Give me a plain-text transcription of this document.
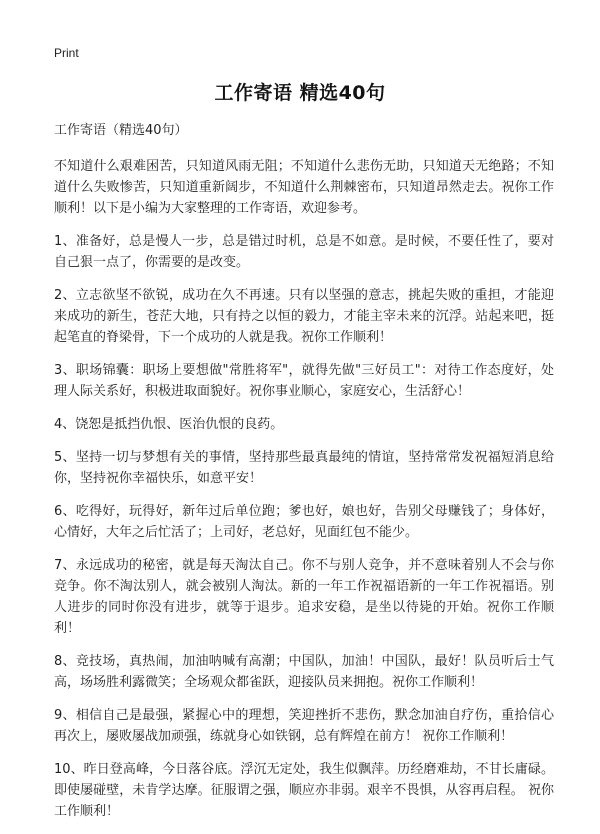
Print
工作寄语 精选40句

工作寄语（精选40句）

不知道什么艰难困苦，只知道风雨无阻；不知道什么悲伤无助，只知道天无绝路；不知道什么失败惨苦，只知道重新阔步，不知道什么荆棘密布，只知道昂然走去。祝你工作顺利！以下是小编为大家整理的工作寄语，欢迎参考。

1、准备好，总是慢人一步，总是错过时机，总是不如意。是时候，不要任性了，要对自己狠一点了，你需要的是改变。

2、立志欲坚不欲锐，成功在久不再速。只有以坚强的意志，挑起失败的重担，才能迎来成功的新生，苍茫大地，只有持之以恒的毅力，才能主宰未来的沉浮。站起来吧，挺起笔直的脊梁骨，下一个成功的人就是我。祝你工作顺利！

3、职场锦囊：职场上要想做"常胜将军"，就得先做"三好员工"：对待工作态度好，处理人际关系好，积极进取面貌好。祝你事业顺心，家庭安心，生活舒心！

4、饶恕是抵挡仇恨、医治仇恨的良药。

5、坚持一切与梦想有关的事情，坚持那些最真最纯的情谊，坚持常常发祝福短消息给你，坚持祝你幸福快乐，如意平安！

6、吃得好，玩得好，新年过后单位跑；爹也好，娘也好，告别父母赚钱了；身体好，心情好，大年之后忙活了；上司好，老总好，见面红包不能少。

7、永远成功的秘密，就是每天淘汰自己。你不与别人竞争，并不意味着别人不会与你竞争。你不淘汰别人，就会被别人淘汰。新的一年工作祝福语新的一年工作祝福语。别人进步的同时你没有进步，就等于退步。追求安稳，是坐以待毙的开始。祝你工作顺利！

8、竞技场，真热闹，加油呐喊有高潮；中国队，加油！中国队，最好！队员听后士气高，场场胜利露微笑；全场观众都雀跃，迎接队员来拥抱。祝你工作顺利！

9、相信自己是最强，紧握心中的理想，笑迎挫折不悲伤，默念加油自疗伤，重拾信心再次上，屡败屡战加顽强，练就身心如铁钢，总有辉煌在前方！ 祝你工作顺利！

10、昨日登高峰，今日落谷底。浮沉无定处，我生似飘萍。历经磨难劫，不甘长庸碌。即使屡碰壁，未肯学达摩。征服谓之强，顺应亦非弱。艰辛不畏惧，从容再启程。 祝你工作顺利！
